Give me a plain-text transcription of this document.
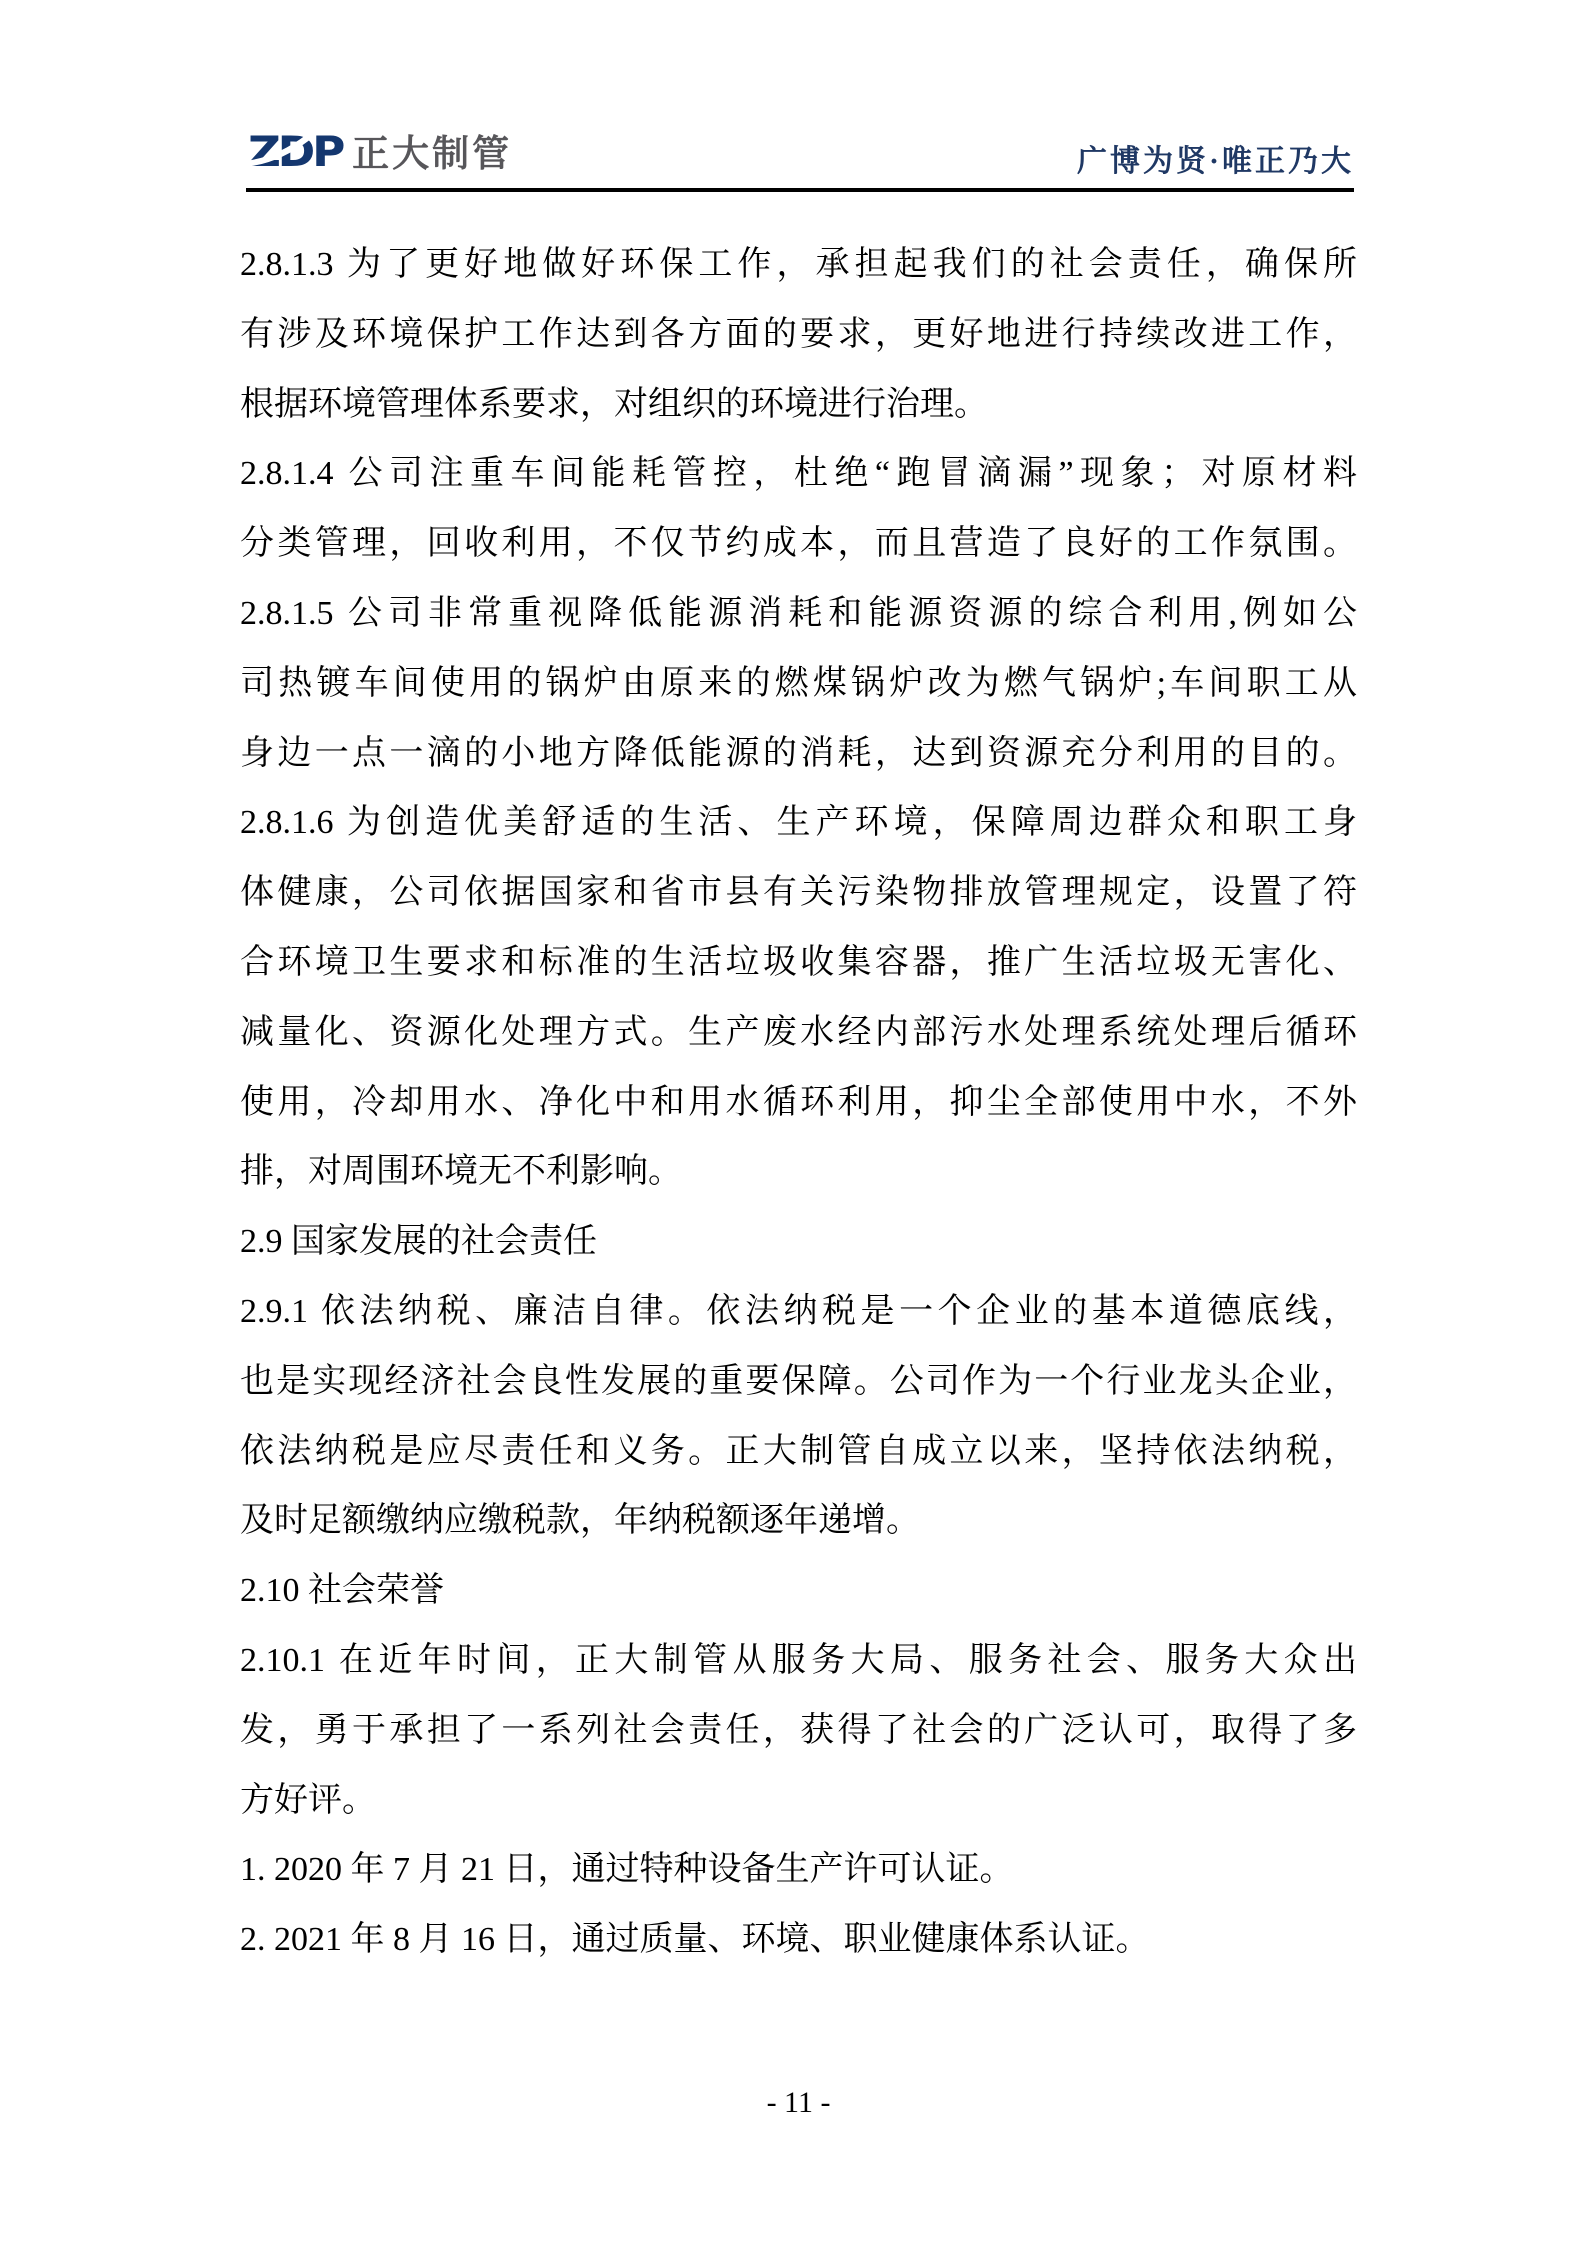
ZDP 正大制管	广博为贤·唯正乃大
2.8.1.3 为了更好地做好环保工作，承担起我们的社会责任，确保所
有涉及环境保护工作达到各方面的要求，更好地进行持续改进工作，
根据环境管理体系要求，对组织的环境进行治理。
2.8.1.4 公司注重车间能耗管控，杜绝“跑冒滴漏”现象；对原材料
分类管理，回收利用，不仅节约成本，而且营造了良好的工作氛围。
2.8.1.5 公司非常重视降低能源消耗和能源资源的综合利用,例如公
司热镀车间使用的锅炉由原来的燃煤锅炉改为燃气锅炉;车间职工从
身边一点一滴的小地方降低能源的消耗，达到资源充分利用的目的。
2.8.1.6 为创造优美舒适的生活、生产环境，保障周边群众和职工身
体健康，公司依据国家和省市县有关污染物排放管理规定，设置了符
合环境卫生要求和标准的生活垃圾收集容器，推广生活垃圾无害化、
减量化、资源化处理方式。生产废水经内部污水处理系统处理后循环
使用，冷却用水、净化中和用水循环利用，抑尘全部使用中水，不外
排，对周围环境无不利影响。
2.9 国家发展的社会责任
2.9.1 依法纳税、廉洁自律。依法纳税是一个企业的基本道德底线，
也是实现经济社会良性发展的重要保障。公司作为一个行业龙头企业，
依法纳税是应尽责任和义务。正大制管自成立以来，坚持依法纳税，
及时足额缴纳应缴税款，年纳税额逐年递增。
2.10 社会荣誉
2.10.1 在近年时间，正大制管从服务大局、服务社会、服务大众出
发，勇于承担了一系列社会责任，获得了社会的广泛认可，取得了多
方好评。
1. 2020 年 7 月 21 日，通过特种设备生产许可认证。
2. 2021 年 8 月 16 日，通过质量、环境、职业健康体系认证。
- 11 -
